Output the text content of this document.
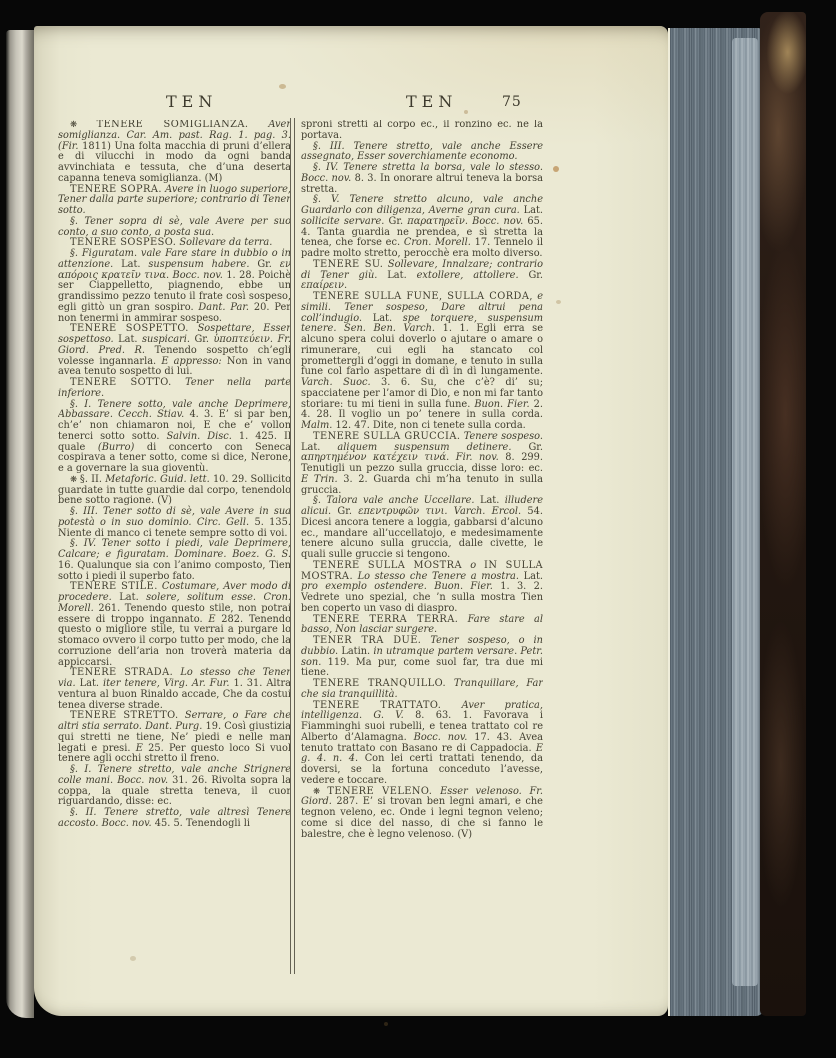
TEN	TEN	75

❋ TENERE SOMIGLIANZA. Aver somiglianza. Car. Am. past. Rag. 1. pag. 3. (Fir. 1811) Una folta macchia di pruni d’ellera e di vilucchi in modo da ogni banda avvinchiata e tessuta, che d’una deserta capanna teneva somiglianza. (M)

TENERE SOPRA. Avere in luogo superiore, Tener dalla parte superiore; contrario di Tener sotto.

§. Tener sopra di sè, vale Avere per suo conto, a suo conto, a posta sua.

TENERE SOSPESO. Sollevare da terra.

§. Figuratam. vale Fare stare in dubbio o in attenzione. Lat. suspensum habere. Gr. εν απόροις κρατεῖν τινα. Bocc. nov. 1. 28. Poichè ser Ciappelletto, piagnendo, ebbe un grandissimo pezzo tenuto il frate così sospeso, egli gittò un gran sospiro. Dant. Par. 20. Per non tenermi in ammirar sospeso.

TENERE SOSPETTO. Sospettare, Esser sospettoso. Lat. suspicari. Gr. ὑποπτεύειν. Fr. Giord. Pred. R. Tenendo sospetto ch’egli volesse ingannarla. E appresso: Non in vano avea tenuto sospetto di lui.

TENERE SOTTO. Tener nella parte inferiore.

§. I. Tenere sotto, vale anche Deprimere, Abbassare. Cecch. Stiav. 4. 3. E’ si par ben, ch’e’ non chiamaron noi, E che e’ vollon tenerci sotto sotto. Salvin. Disc. 1. 425. Il quale (Burro) di concerto con Seneca cospirava a tener sotto, come si dice, Nerone, e a governare la sua gioventù.

❋ §. II. Metaforic. Guid. lett. 10. 29. Sollicito guardate in tutte guardie dal corpo, tenendolo bene sotto ragione. (V)

§. III. Tener sotto di sè, vale Avere in sua potestà o in suo dominio. Circ. Gell. 5. 135. Niente di manco ci tenete sempre sotto di voi.

§. IV. Tener sotto i piedi, vale Deprimere, Calcare; e figuratam. Dominare. Boez. G. S. 16. Qualunque sia con l’animo composto, Tien sotto i piedi il superbo fato.

TENERE STILE. Costumare, Aver modo di procedere. Lat. solere, solitum esse. Cron. Morell. 261. Tenendo questo stile, non potrai essere di troppo ingannato. E 282. Tenendo questo o migliore stile, tu verrai a purgare lo stomaco ovvero il corpo tutto per modo, che la corruzione dell’aria non troverà materia da appiccarsi.

TENERE STRADA. Lo stesso che Tener via. Lat. iter tenere, Virg. Ar. Fur. 1. 31. Altra ventura al buon Rinaldo accade, Che da costui tenea diverse strade.

TENERE STRETTO. Serrare, o Fare che altri stia serrato. Dant. Purg. 19. Così giustizia qui stretti ne tiene, Ne’ piedi e nelle man legati e presi. E 25. Per questo loco Si vuol tenere agli occhi stretto il freno.

§. I. Tenere stretto, vale anche Strignere colle mani. Bocc. nov. 31. 26. Rivolta sopra la coppa, la quale stretta teneva, il cuor riguardando, disse: ec.

§. II. Tenere stretto, vale altresì Tenere accosto. Bocc. nov. 45. 5. Tenendogli li

sproni stretti al corpo ec., il ronzino ec. ne la portava.

§. III. Tenere stretto, vale anche Essere assegnato, Esser soverchiamente economo.

§. IV. Tenere stretta la borsa, vale lo stesso. Bocc. nov. 8. 3. In onorare altrui teneva la borsa stretta.

§. V. Tenere stretto alcuno, vale anche Guardarlo con diligenza, Averne gran cura. Lat. sollicite servare. Gr. παρατηρεῖν. Bocc. nov. 65. 4. Tanta guardia ne prendea, e sì stretta la tenea, che forse ec. Cron. Morell. 17. Tennelo il padre molto stretto, perocchè era molto diverso.

TENERE SU. Sollevare, Innalzare; contrario di Tener giù. Lat. extollere, attollere. Gr. επαίρειν.

TENERE SULLA FUNE, SULLA CORDA, e simili. Tener sospeso, Dare altrui pena coll’indugio. Lat. spe torquere, suspensum tenere. Sen. Ben. Varch. 1. 1. Egli erra se alcuno spera colui doverlo o ajutare o amare o rimunerare, cui egli ha stancato col promettergli d’oggi in domane, e tenuto in sulla fune col farlo aspettare di dì in dì lungamente. Varch. Suoc. 3. 6. Su, che c’è? di’ su; spacciatene per l’amor di Dio, e non mi far tanto storiare: tu mi tieni in sulla fune. Buon. Fier. 2. 4. 28. Il voglio un po’ tenere in sulla corda. Malm. 12. 47. Dite, non ci tenete sulla corda.

TENERE SULLA GRUCCIA. Tenere sospeso. Lat. aliquem suspensum detinere. Gr. απηρτημένον κατέχειν τινά. Fir. nov. 8. 299. Tenutigli un pezzo sulla gruccia, disse loro: ec. E Trin. 3. 2. Guarda chi m’ha tenuto in sulla gruccia.

§. Talora vale anche Uccellare. Lat. illudere alicui. Gr. επεντρυφῶν τινι. Varch. Ercol. 54. Dicesi ancora tenere a loggia, gabbarsi d’alcuno ec., mandare all’uccellatojo, e medesimamente tenere alcuno sulla gruccia, dalle civette, le quali sulle gruccie si tengono.

TENERE SULLA MOSTRA o IN SULLA MOSTRA. Lo stesso che Tenere a mostra. Lat. pro exemplo ostendere. Buon. Fier. 1. 3. 2. Vedrete uno spezial, che ’n sulla mostra Tien ben coperto un vaso di diaspro.

TENERE TERRA TERRA. Fare stare al basso, Non lasciar surgere.

TENER TRA DUE. Tener sospeso, o in dubbio. Latin. in utramque partem versare. Petr. son. 119. Ma pur, come suol far, tra due mi tiene.

TENERE TRANQUILLO. Tranquillare, Far che sia tranquillità.

TENERE TRATTATO. Aver pratica, intelligenza. G. V. 8. 63. 1. Favorava i Fiamminghi suoi rubelli, e tenea trattato col re Alberto d’Alamagna. Bocc. nov. 17. 43. Avea tenuto trattato con Basano re di Cappadocia. E g. 4. n. 4. Con lei certi trattati tenendo, da doversi, se la fortuna conceduto l’avesse, vedere e toccare.

❋ TENERE VELENO. Esser velenoso. Fr. Giord. 287. E’ si trovan ben legni amari, e che tegnon veleno, ec. Onde i legni tegnon veleno; come si dice del nasso, di che si fanno le balestre, che è legno velenoso. (V)
